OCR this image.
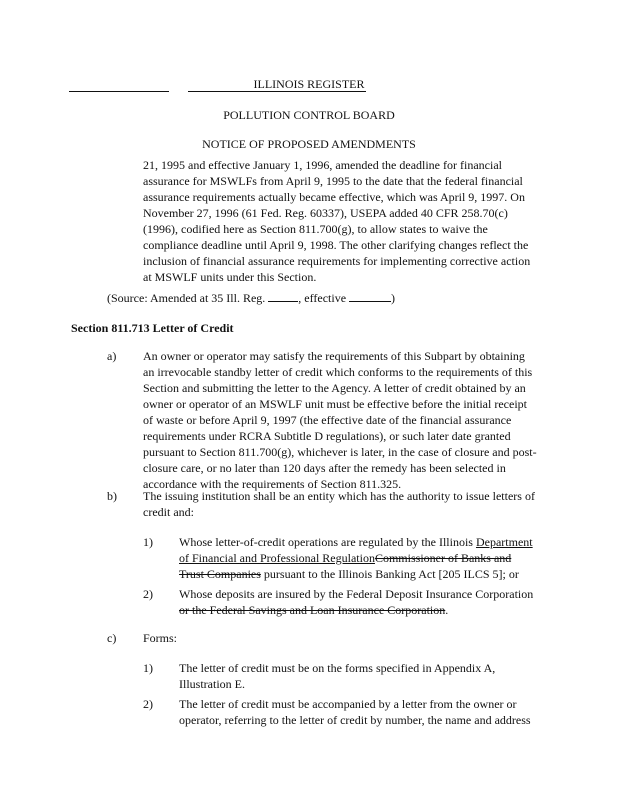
ILLINOIS REGISTER
POLLUTION CONTROL BOARD
NOTICE OF PROPOSED AMENDMENTS
21, 1995 and effective January 1, 1996, amended the deadline for financial
assurance for MSWLFs from April 9, 1995 to the date that the federal financial
assurance requirements actually became effective, which was April 9, 1997. On
November 27, 1996 (61 Fed. Reg. 60337), USEPA added 40 CFR 258.70(c)
(1996), codified here as Section 811.700(g), to allow states to waive the
compliance deadline until April 9, 1998. The other clarifying changes reflect the
inclusion of financial assurance requirements for implementing corrective action
at MSWLF units under this Section.
(Source: Amended at 35 Ill. Reg.	, effective	)
Section 811.713 Letter of Credit
a) An owner or operator may satisfy the requirements of this Subpart by obtaining
an irrevocable standby letter of credit which conforms to the requirements of this
Section and submitting the letter to the Agency. A letter of credit obtained by an
owner or operator of an MSWLF unit must be effective before the initial receipt
of waste or before April 9, 1997 (the effective date of the financial assurance
requirements under RCRA Subtitle D regulations), or such later date granted
pursuant to Section 811.700(g), whichever is later, in the case of closure and post-
closure care, or no later than 120 days after the remedy has been selected in
accordance with the requirements of Section 811.325.
b) The issuing institution shall be an entity which has the authority to issue letters of
credit and:
1) Whose letter-of-credit operations are regulated by the Illinois Department
of Financial and Professional RegulationCommissioner of Banks and
Trust Companies pursuant to the Illinois Banking Act [205 ILCS 5]; or
2) Whose deposits are insured by the Federal Deposit Insurance Corporation
or the Federal Savings and Loan Insurance Corporation.
c) Forms:
1) The letter of credit must be on the forms specified in Appendix A,
Illustration E.
2) The letter of credit must be accompanied by a letter from the owner or
operator, referring to the letter of credit by number, the name and address
